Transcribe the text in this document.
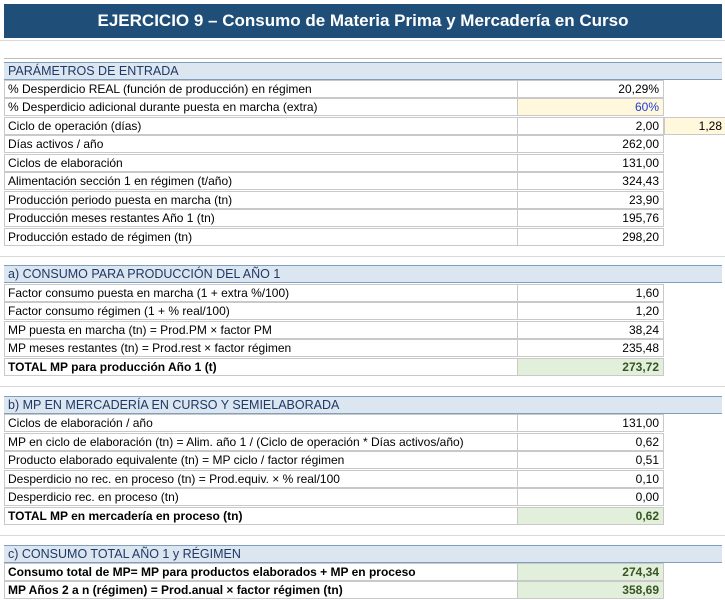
EJERCICIO 9 – Consumo de Materia Prima y Mercadería en Curso
PARÁMETROS DE ENTRADA
% Desperdicio REAL (función de producción) en régimen	20,29%
% Desperdicio adicional durante puesta en marcha (extra)	60%
Ciclo de operación (días)	2,00	1,28
Días activos / año	262,00
Ciclos de elaboración	131,00
Alimentación sección 1 en régimen (t/año)	324,43
Producción periodo puesta en marcha (tn)	23,90
Producción meses restantes Año 1 (tn)	195,76
Producción estado de régimen (tn)	298,20
a) CONSUMO PARA PRODUCCIÓN DEL AÑO 1
Factor consumo puesta en marcha (1 + extra %/100)	1,60
Factor consumo régimen (1 + % real/100)	1,20
MP puesta en marcha (tn) = Prod.PM × factor PM	38,24
MP meses restantes (tn) = Prod.rest × factor régimen	235,48
TOTAL MP para producción Año 1 (t)	273,72
b) MP EN MERCADERÍA EN CURSO Y SEMIELABORADA
Ciclos de elaboración / año	131,00
MP en ciclo de elaboración (tn) = Alim. año 1 / (Ciclo de operación * Días activos/año)	0,62
Producto elaborado equivalente (tn) = MP ciclo / factor régimen	0,51
Desperdicio no rec. en proceso (tn) = Prod.equiv. × % real/100	0,10
Desperdicio rec. en proceso (tn)	0,00
TOTAL MP en mercadería en proceso (tn)	0,62
c) CONSUMO TOTAL AÑO 1 y RÉGIMEN
Consumo total de MP= MP para productos elaborados + MP en proceso	274,34
MP Años 2 a n (régimen) = Prod.anual × factor régimen (tn)	358,69
